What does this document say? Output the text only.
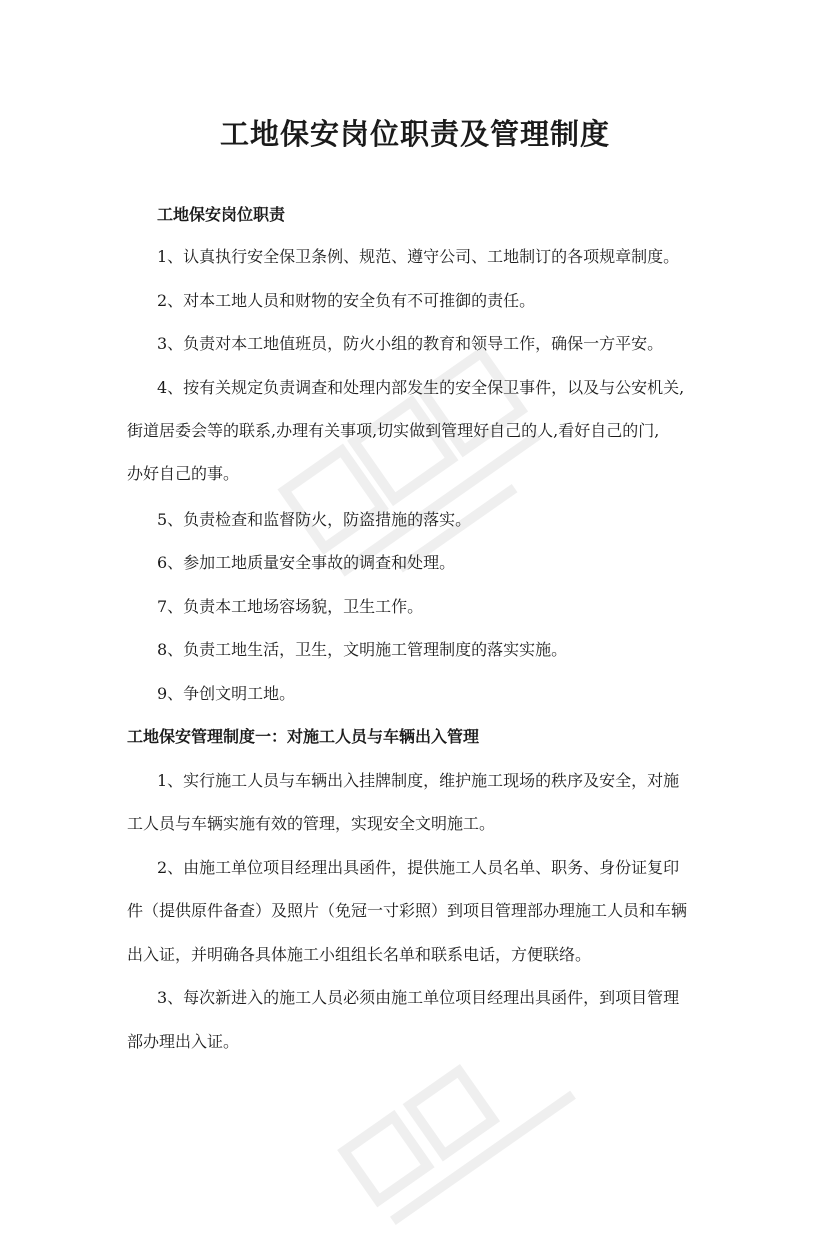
工地保安岗位职责及管理制度
工地保安岗位职责
1、认真执行安全保卫条例、规范、遵守公司、工地制订的各项规章制度。
2、对本工地人员和财物的安全负有不可推御的责任。
3、负责对本工地值班员，防火小组的教育和领导工作，确保一方平安。
4、按有关规定负责调查和处理内部发生的安全保卫事件，以及与公安机关,
街道居委会等的联系,办理有关事项,切实做到管理好自己的人,看好自己的门,
办好自己的事。
5、负责检查和监督防火，防盗措施的落实。
6、参加工地质量安全事故的调查和处理。
7、负责本工地场容场貌，卫生工作。
8、负责工地生活，卫生，文明施工管理制度的落实实施。
9、争创文明工地。
工地保安管理制度一：对施工人员与车辆出入管理
1、实行施工人员与车辆出入挂牌制度，维护施工现场的秩序及安全，对施
工人员与车辆实施有效的管理，实现安全文明施工。
2、由施工单位项目经理出具函件，提供施工人员名单、职务、身份证复印
件（提供原件备查）及照片（免冠一寸彩照）到项目管理部办理施工人员和车辆
出入证，并明确各具体施工小组组长名单和联系电话，方便联络。
3、每次新进入的施工人员必须由施工单位项目经理出具函件，到项目管理
部办理出入证。
